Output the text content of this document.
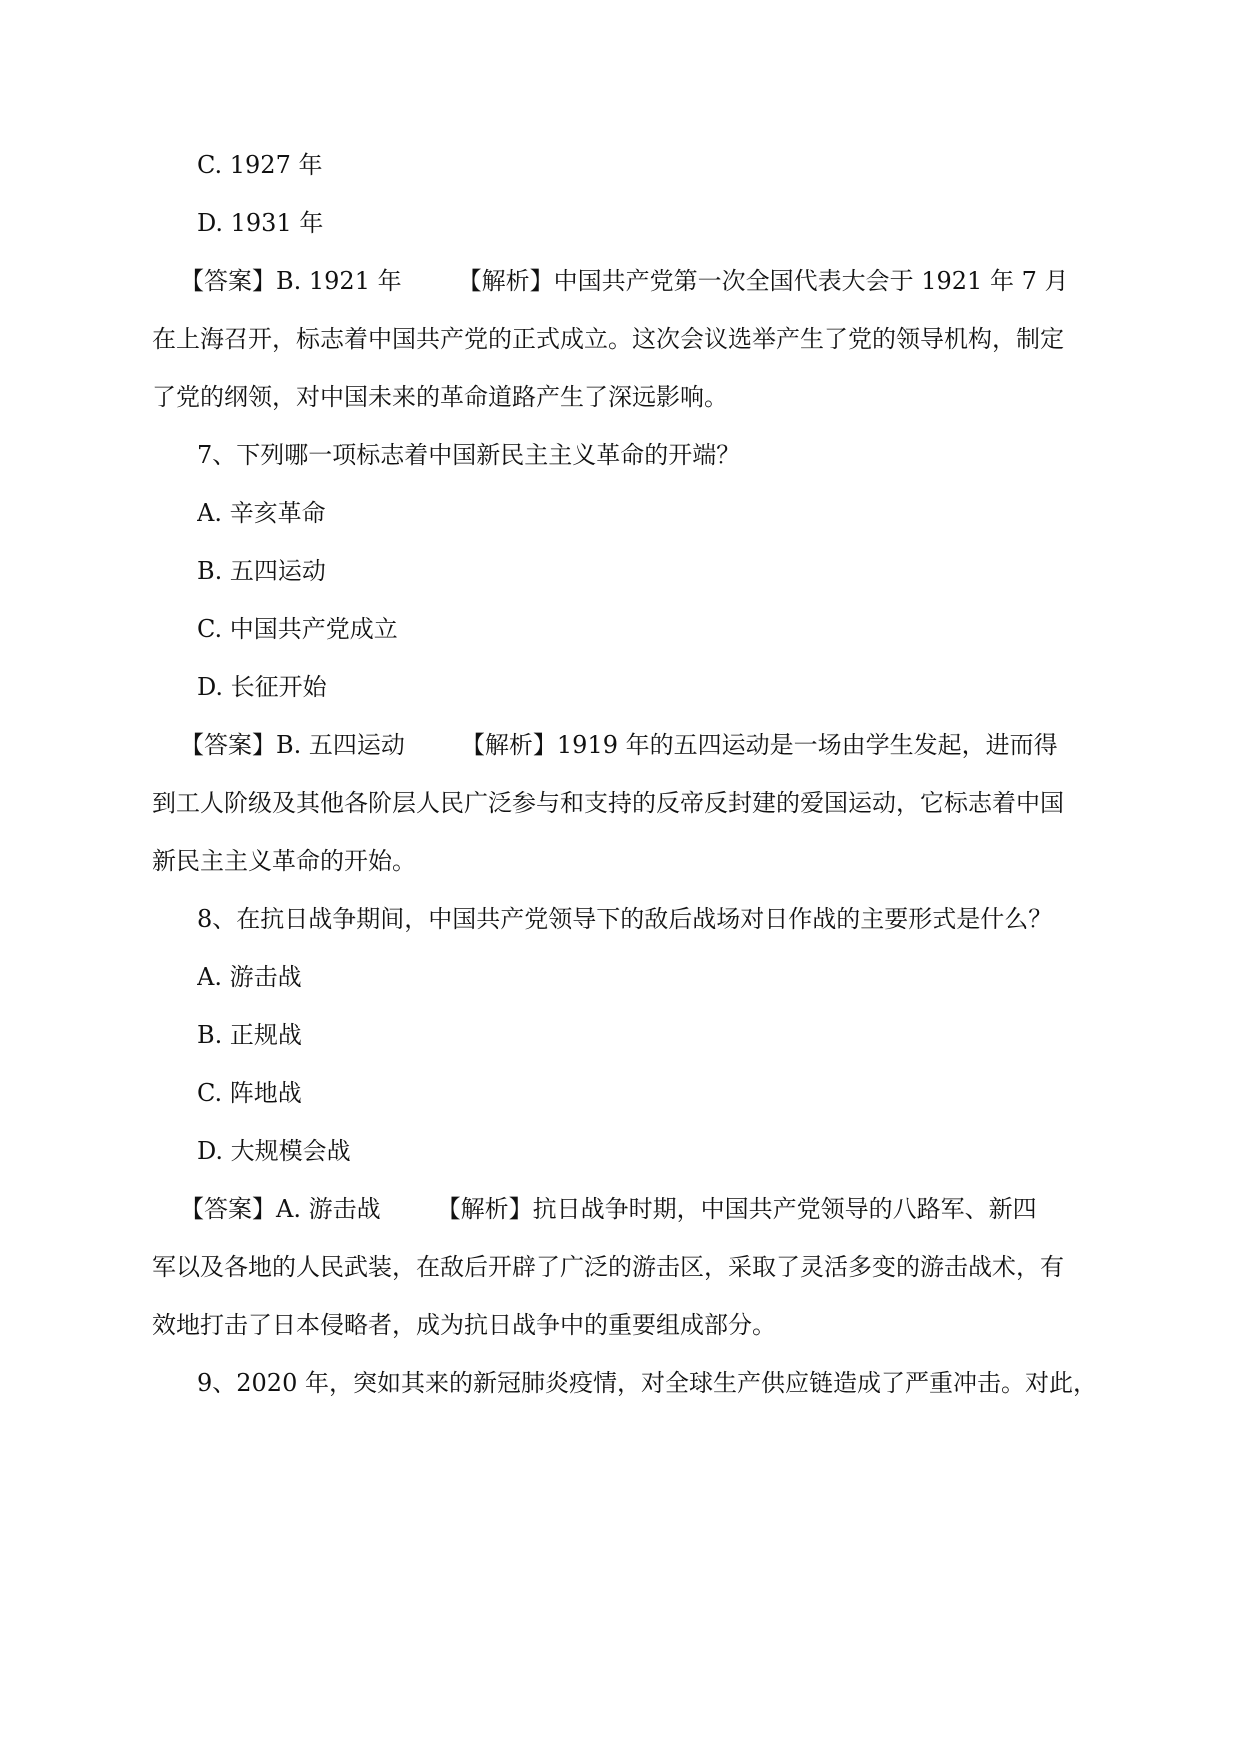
C. 1927 年
D. 1931 年
【答案】B. 1921 年 【解析】中国共产党第一次全国代表大会于 1921 年 7 月
在上海召开，标志着中国共产党的正式成立。这次会议选举产生了党的领导机构，制定
了党的纲领，对中国未来的革命道路产生了深远影响。
7、下列哪一项标志着中国新民主主义革命的开端？
A. 辛亥革命
B. 五四运动
C. 中国共产党成立
D. 长征开始
【答案】B. 五四运动 【解析】1919 年的五四运动是一场由学生发起，进而得
到工人阶级及其他各阶层人民广泛参与和支持的反帝反封建的爱国运动，它标志着中国
新民主主义革命的开始。
8、在抗日战争期间，中国共产党领导下的敌后战场对日作战的主要形式是什么？
A. 游击战
B. 正规战
C. 阵地战
D. 大规模会战
【答案】A. 游击战 【解析】抗日战争时期，中国共产党领导的八路军、新四
军以及各地的人民武装，在敌后开辟了广泛的游击区，采取了灵活多变的游击战术，有
效地打击了日本侵略者，成为抗日战争中的重要组成部分。
9、2020 年，突如其来的新冠肺炎疫情，对全球生产供应链造成了严重冲击。对此，
